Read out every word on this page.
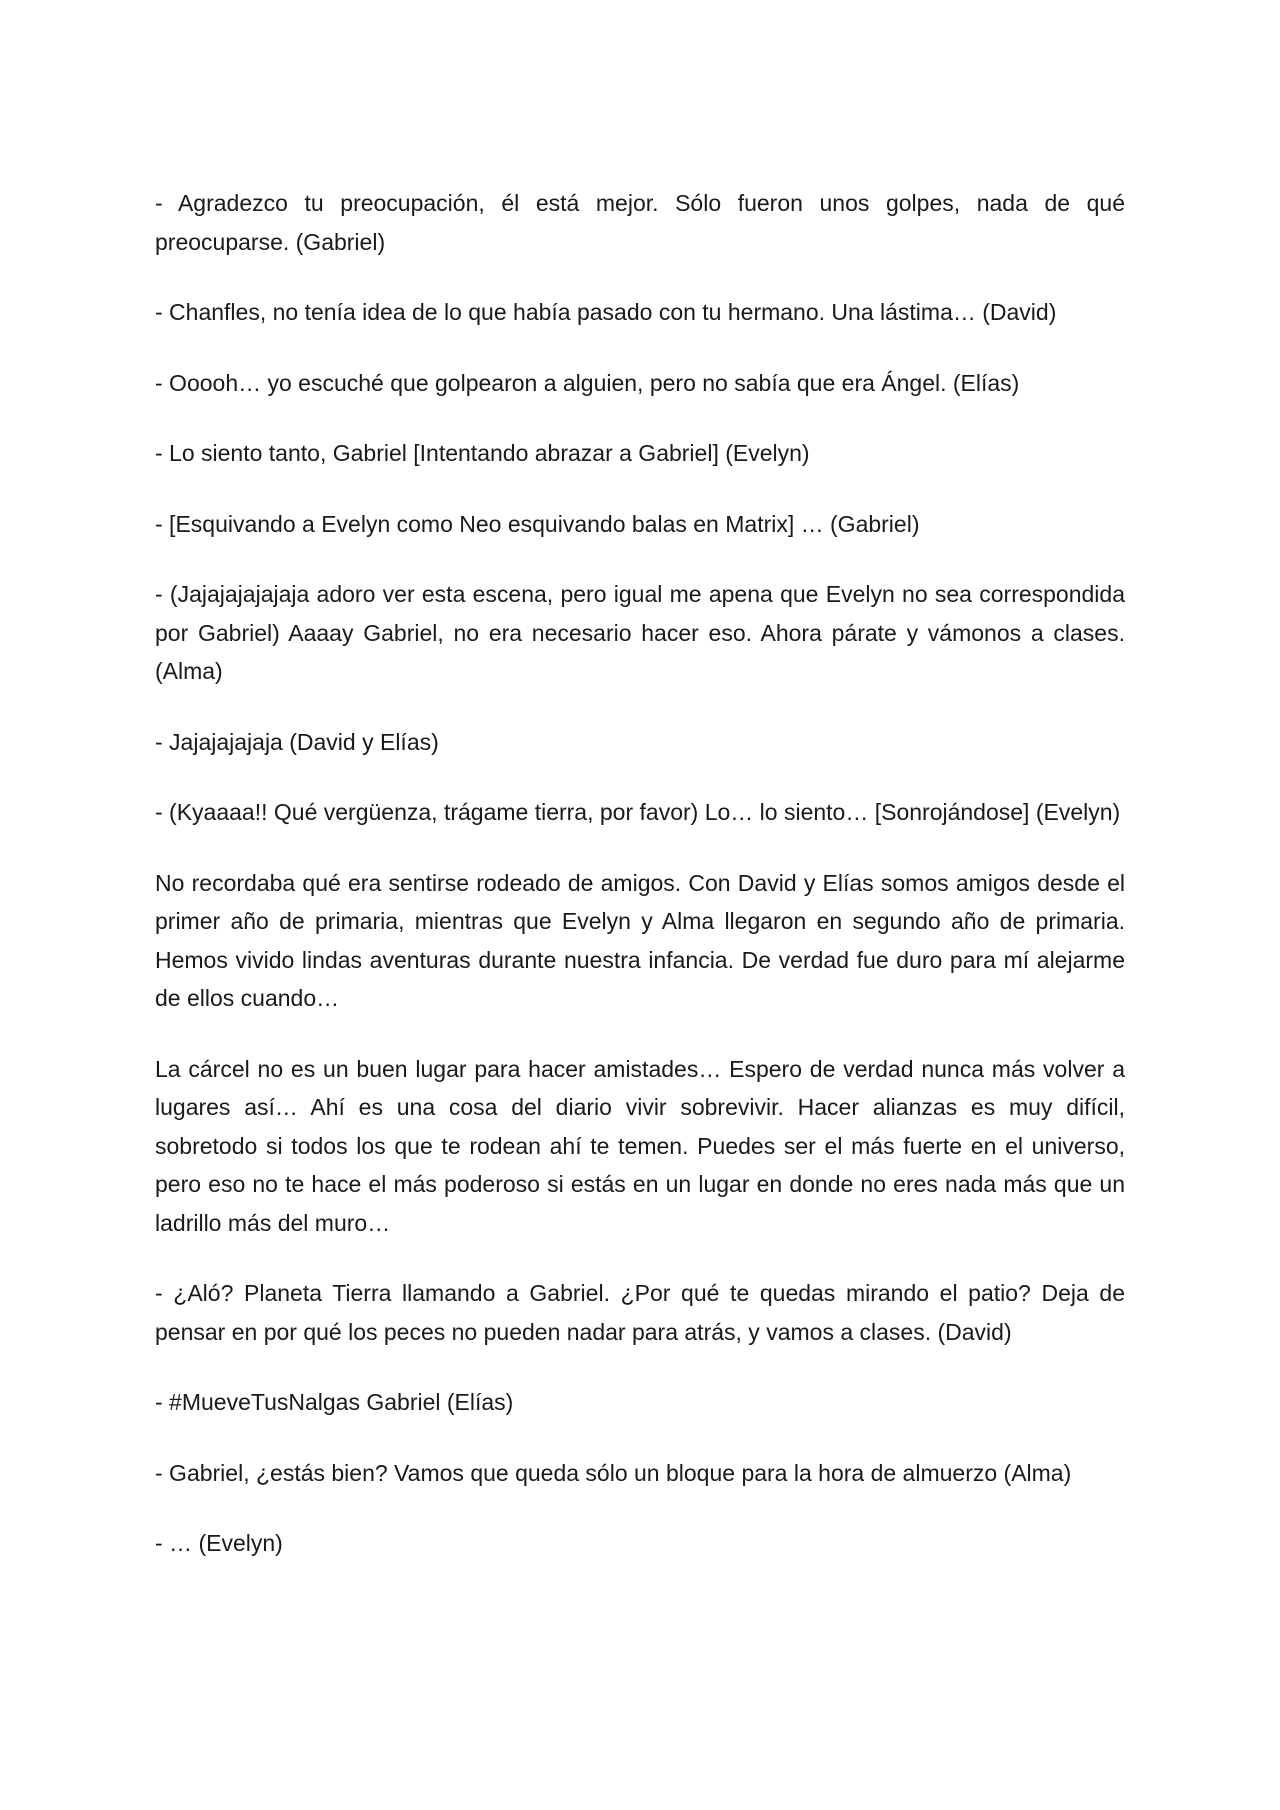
- Agradezco tu preocupación, él está mejor. Sólo fueron unos golpes, nada de qué preocuparse. (Gabriel)

- Chanfles, no tenía idea de lo que había pasado con tu hermano. Una lástima… (David)

- Ooooh… yo escuché que golpearon a alguien, pero no sabía que era Ángel. (Elías)

- Lo siento tanto, Gabriel [Intentando abrazar a Gabriel] (Evelyn)

- [Esquivando a Evelyn como Neo esquivando balas en Matrix] … (Gabriel)

- (Jajajajajajaja adoro ver esta escena, pero igual me apena que Evelyn no sea correspondida por Gabriel) Aaaay Gabriel, no era necesario hacer eso. Ahora párate y vámonos a clases. (Alma)

- Jajajajajaja (David y Elías)

- (Kyaaaa!! Qué vergüenza, trágame tierra, por favor) Lo… lo siento… [Sonrojándose] (Evelyn)

No recordaba qué era sentirse rodeado de amigos. Con David y Elías somos amigos desde el primer año de primaria, mientras que Evelyn y Alma llegaron en segundo año de primaria. Hemos vivido lindas aventuras durante nuestra infancia. De verdad fue duro para mí alejarme de ellos cuando…

La cárcel no es un buen lugar para hacer amistades… Espero de verdad nunca más volver a lugares así… Ahí es una cosa del diario vivir sobrevivir. Hacer alianzas es muy difícil, sobretodo si todos los que te rodean ahí te temen. Puedes ser el más fuerte en el universo, pero eso no te hace el más poderoso si estás en un lugar en donde no eres nada más que un ladrillo más del muro…

- ¿Aló? Planeta Tierra llamando a Gabriel. ¿Por qué te quedas mirando el patio? Deja de pensar en por qué los peces no pueden nadar para atrás, y vamos a clases. (David)

- #MueveTusNalgas Gabriel (Elías)

- Gabriel, ¿estás bien? Vamos que queda sólo un bloque para la hora de almuerzo (Alma)

- … (Evelyn)
